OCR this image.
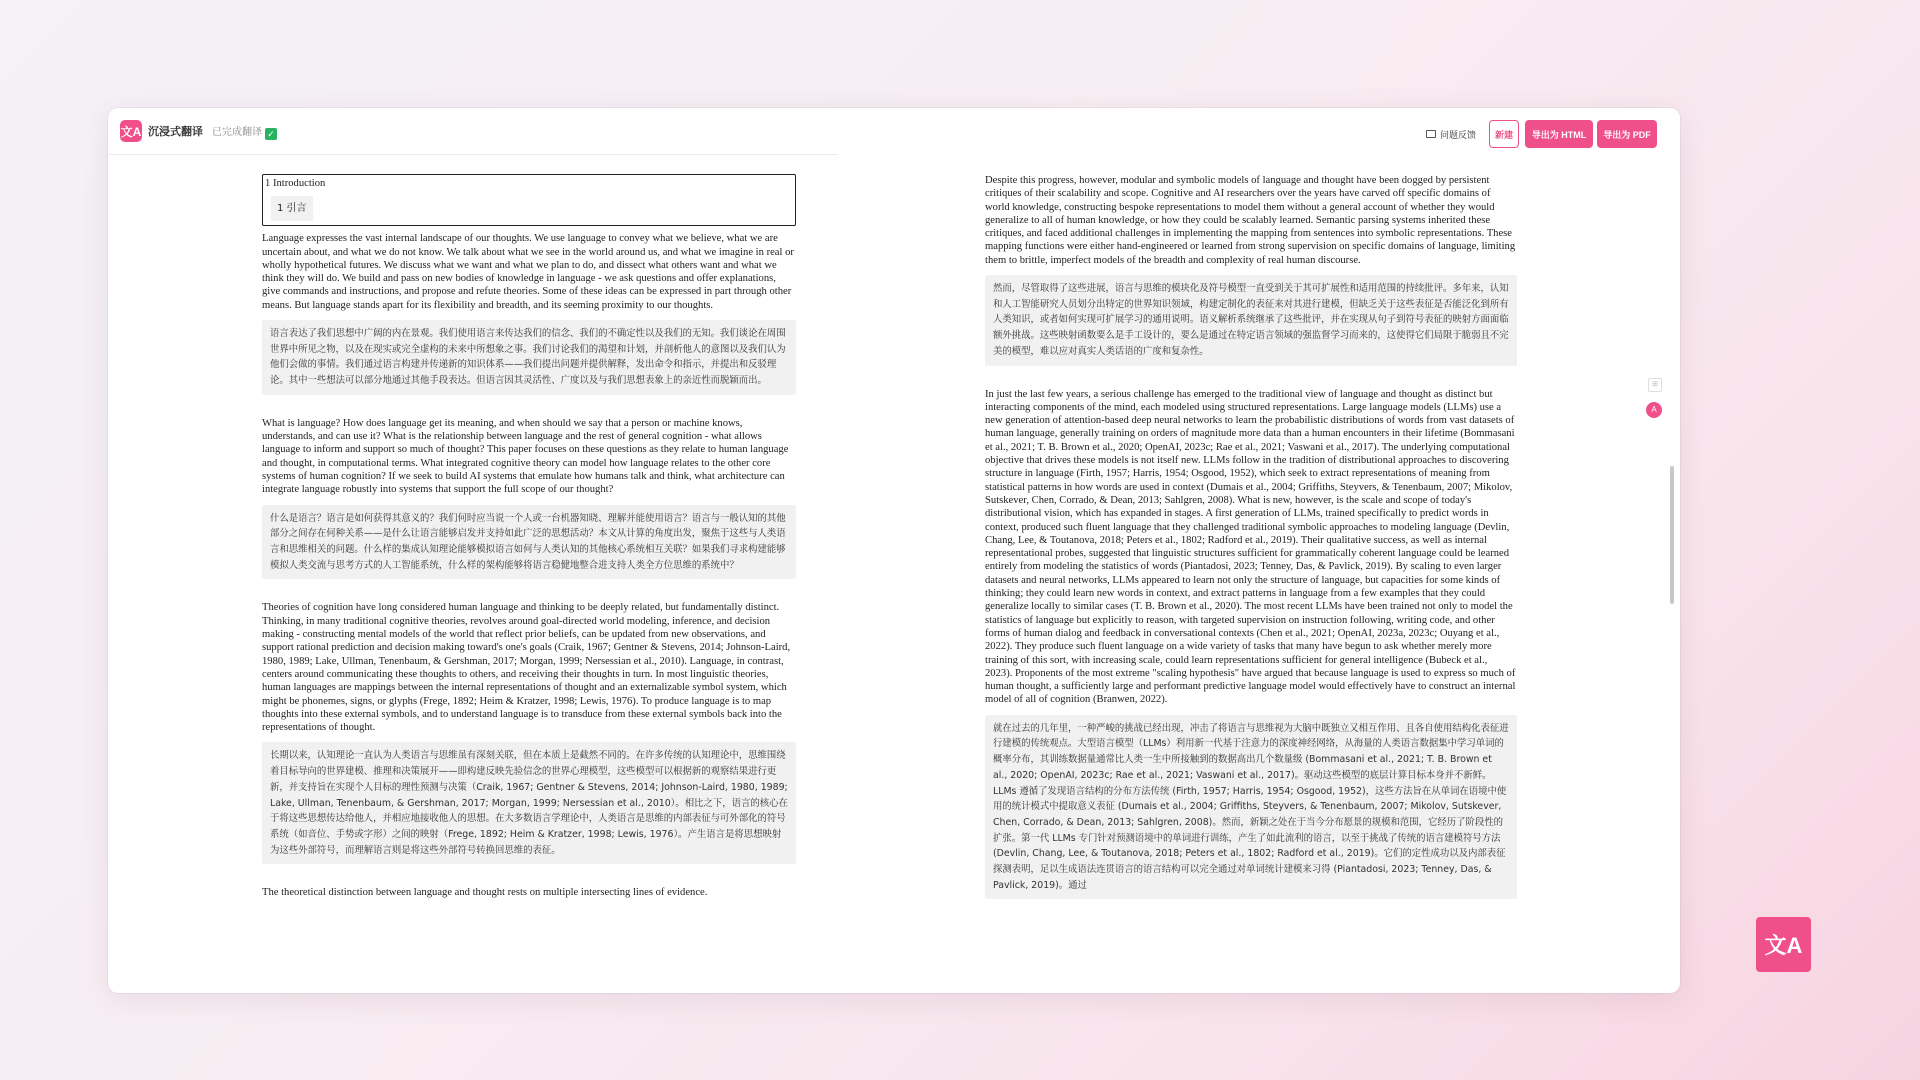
文A 沉浸式翻译 已完成翻译 ✓	问题反馈	新建	导出为 HTML	导出为 PDF
1 Introduction
1 引言

Language expresses the vast internal landscape of our thoughts. We use language to convey what we believe, what we are uncertain about, and what we do not know. We talk about what we see in the world around us, and what we imagine in real or wholly hypothetical futures. We discuss what we want and what we plan to do, and dissect what others want and what we think they will do. We build and pass on new bodies of knowledge in language - we ask questions and offer explanations, give commands and instructions, and propose and refute theories. Some of these ideas can be expressed in part through other means. But language stands apart for its flexibility and breadth, and its seeming proximity to our thoughts.

语言表达了我们思想中广阔的内在景观。我们使用语言来传达我们的信念、我们的不确定性以及我们的无知。我们谈论在周围世界中所见之物，以及在现实或完全虚构的未来中所想象之事。我们讨论我们的渴望和计划，并剖析他人的意图以及我们认为他们会做的事情。我们通过语言构建并传递新的知识体系——我们提出问题并提供解释，发出命令和指示，并提出和反驳理论。其中一些想法可以部分地通过其他手段表达。但语言因其灵活性、广度以及与我们思想表象上的亲近性而脱颖而出。

What is language? How does language get its meaning, and when should we say that a person or machine knows, understands, and can use it? What is the relationship between language and the rest of general cognition - what allows language to inform and support so much of thought? This paper focuses on these questions as they relate to human language and thought, in computational terms. What integrated cognitive theory can model how language relates to the other core systems of human cognition? If we seek to build AI systems that emulate how humans talk and think, what architecture can integrate language robustly into systems that support the full scope of our thought?

什么是语言？语言是如何获得其意义的？我们何时应当说一个人或一台机器知晓、理解并能使用语言？语言与一般认知的其他部分之间存在何种关系——是什么让语言能够启发并支持如此广泛的思想活动？本文从计算的角度出发，聚焦于这些与人类语言和思维相关的问题。什么样的集成认知理论能够模拟语言如何与人类认知的其他核心系统相互关联？如果我们寻求构建能够模拟人类交流与思考方式的人工智能系统，什么样的架构能够将语言稳健地整合进支持人类全方位思维的系统中？

Theories of cognition have long considered human language and thinking to be deeply related, but fundamentally distinct. Thinking, in many traditional cognitive theories, revolves around goal-directed world modeling, inference, and decision making - constructing mental models of the world that reflect prior beliefs, can be updated from new observations, and support rational prediction and decision making toward's one's goals (Craik, 1967; Gentner & Stevens, 2014; Johnson-Laird, 1980, 1989; Lake, Ullman, Tenenbaum, & Gershman, 2017; Morgan, 1999; Nersessian et al., 2010). Language, in contrast, centers around communicating these thoughts to others, and receiving their thoughts in turn. In most linguistic theories, human languages are mappings between the internal representations of thought and an externalizable symbol system, which might be phonemes, signs, or glyphs (Frege, 1892; Heim & Kratzer, 1998; Lewis, 1976). To produce language is to map thoughts into these external symbols, and to understand language is to transduce from these external symbols back into the representations of thought.

长期以来，认知理论一直认为人类语言与思维虽有深刻关联，但在本质上是截然不同的。在许多传统的认知理论中，思维围绕着目标导向的世界建模、推理和决策展开——即构建反映先验信念的世界心理模型，这些模型可以根据新的观察结果进行更新，并支持旨在实现个人目标的理性预测与决策（Craik, 1967; Gentner & Stevens, 2014; Johnson-Laird, 1980, 1989; Lake, Ullman, Tenenbaum, & Gershman, 2017; Morgan, 1999; Nersessian et al., 2010）。相比之下，语言的核心在于将这些思想传达给他人，并相应地接收他人的思想。在大多数语言学理论中，人类语言是思维的内部表征与可外部化的符号系统（如音位、手势或字形）之间的映射（Frege, 1892; Heim & Kratzer, 1998; Lewis, 1976）。产生语言是将思想映射为这些外部符号，而理解语言则是将这些外部符号转换回思维的表征。

The theoretical distinction between language and thought rests on multiple intersecting lines of evidence.

Despite this progress, however, modular and symbolic models of language and thought have been dogged by persistent critiques of their scalability and scope. Cognitive and AI researchers over the years have carved off specific domains of world knowledge, constructing bespoke representations to model them without a general account of whether they would generalize to all of human knowledge, or how they could be scalably learned. Semantic parsing systems inherited these critiques, and faced additional challenges in implementing the mapping from sentences into symbolic representations. These mapping functions were either hand-engineered or learned from strong supervision on specific domains of language, limiting them to brittle, imperfect models of the breadth and complexity of real human discourse.

然而，尽管取得了这些进展，语言与思维的模块化及符号模型一直受到关于其可扩展性和适用范围的持续批评。多年来，认知和人工智能研究人员划分出特定的世界知识领域，构建定制化的表征来对其进行建模，但缺乏关于这些表征是否能泛化到所有人类知识，或者如何实现可扩展学习的通用说明。语义解析系统继承了这些批评，并在实现从句子到符号表征的映射方面面临额外挑战。这些映射函数要么是手工设计的，要么是通过在特定语言领域的强监督学习而来的，这使得它们局限于脆弱且不完美的模型，难以应对真实人类话语的广度和复杂性。

In just the last few years, a serious challenge has emerged to the traditional view of language and thought as distinct but interacting components of the mind, each modeled using structured representations. Large language models (LLMs) use a new generation of attention-based deep neural networks to learn the probabilistic distributions of words from vast datasets of human language, generally training on orders of magnitude more data than a human encounters in their lifetime (Bommasani et al., 2021; T. B. Brown et al., 2020; OpenAI, 2023c; Rae et al., 2021; Vaswani et al., 2017). The underlying computational objective that drives these models is not itself new. LLMs follow in the tradition of distributional approaches to discovering structure in language (Firth, 1957; Harris, 1954; Osgood, 1952), which seek to extract representations of meaning from statistical patterns in how words are used in context (Dumais et al., 2004; Griffiths, Steyvers, & Tenenbaum, 2007; Mikolov, Sutskever, Chen, Corrado, & Dean, 2013; Sahlgren, 2008). What is new, however, is the scale and scope of today's distributional vision, which has expanded in stages. A first generation of LLMs, trained specifically to predict words in context, produced such fluent language that they challenged traditional symbolic approaches to modeling language (Devlin, Chang, Lee, & Toutanova, 2018; Peters et al., 1802; Radford et al., 2019). Their qualitative success, as well as internal representational probes, suggested that linguistic structures sufficient for grammatically coherent language could be learned entirely from modeling the statistics of words (Piantadosi, 2023; Tenney, Das, & Pavlick, 2019). By scaling to even larger datasets and neural networks, LLMs appeared to learn not only the structure of language, but capacities for some kinds of thinking; they could learn new words in context, and extract patterns in language from a few examples that they could generalize locally to similar cases (T. B. Brown et al., 2020). The most recent LLMs have been trained not only to model the statistics of language but explicitly to reason, with targeted supervision on instruction following, writing code, and other forms of human dialog and feedback in conversational contexts (Chen et al., 2021; OpenAI, 2023a, 2023c; Ouyang et al., 2022). They produce such fluent language on a wide variety of tasks that many have begun to ask whether merely more training of this sort, with increasing scale, could learn representations sufficient for general intelligence (Bubeck et al., 2023). Proponents of the most extreme "scaling hypothesis" have argued that because language is used to express so much of human thought, a sufficiently large and performant predictive language model would effectively have to construct an internal model of all of cognition (Branwen, 2022).

就在过去的几年里，一种严峻的挑战已经出现，冲击了将语言与思维视为大脑中既独立又相互作用、且各自使用结构化表征进行建模的传统观点。大型语言模型（LLMs）利用新一代基于注意力的深度神经网络，从海量的人类语言数据集中学习单词的概率分布，其训练数据量通常比人类一生中所接触到的数据高出几个数量级 (Bommasani et al., 2021; T. B. Brown et al., 2020; OpenAI, 2023c; Rae et al., 2021; Vaswani et al., 2017)。驱动这些模型的底层计算目标本身并不新鲜。LLMs 遵循了发现语言结构的分布方法传统 (Firth, 1957; Harris, 1954; Osgood, 1952)，这些方法旨在从单词在语境中使用的统计模式中提取意义表征 (Dumais et al., 2004; Griffiths, Steyvers, & Tenenbaum, 2007; Mikolov, Sutskever, Chen, Corrado, & Dean, 2013; Sahlgren, 2008)。然而，新颖之处在于当今分布愿景的规模和范围，它经历了阶段性的扩张。第一代 LLMs 专门针对预测语境中的单词进行训练，产生了如此流利的语言，以至于挑战了传统的语言建模符号方法 (Devlin, Chang, Lee, & Toutanova, 2018; Peters et al., 1802; Radford et al., 2019)。它们的定性成功以及内部表征探测表明，足以生成语法连贯语言的语言结构可以完全通过对单词统计建模来习得 (Piantadosi, 2023; Tenney, Das, & Pavlick, 2019)。通过
⊞
A
文A
